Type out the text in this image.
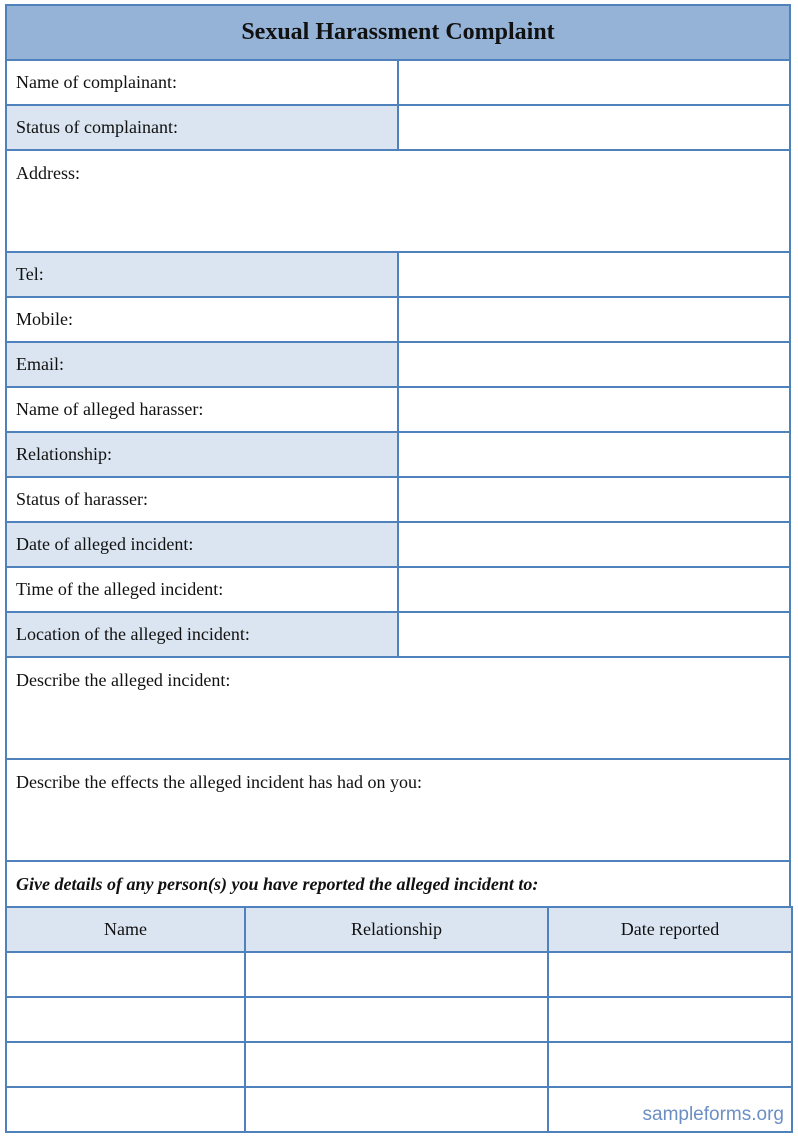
Sexual Harassment Complaint	
Name of complainant:	
Status of complainant:	
Address:	
Tel:	
Mobile:	
Email:	
Name of alleged harasser:	
Relationship:	
Status of harasser:	
Date of alleged incident:	
Time of the alleged incident:	
Location of the alleged incident:	
Describe the alleged incident:	
Describe the effects the alleged incident has had on you:	
Give details of any person(s) you have reported the alleged incident to:	
Name	Relationship	Date reported

sampleforms.org
